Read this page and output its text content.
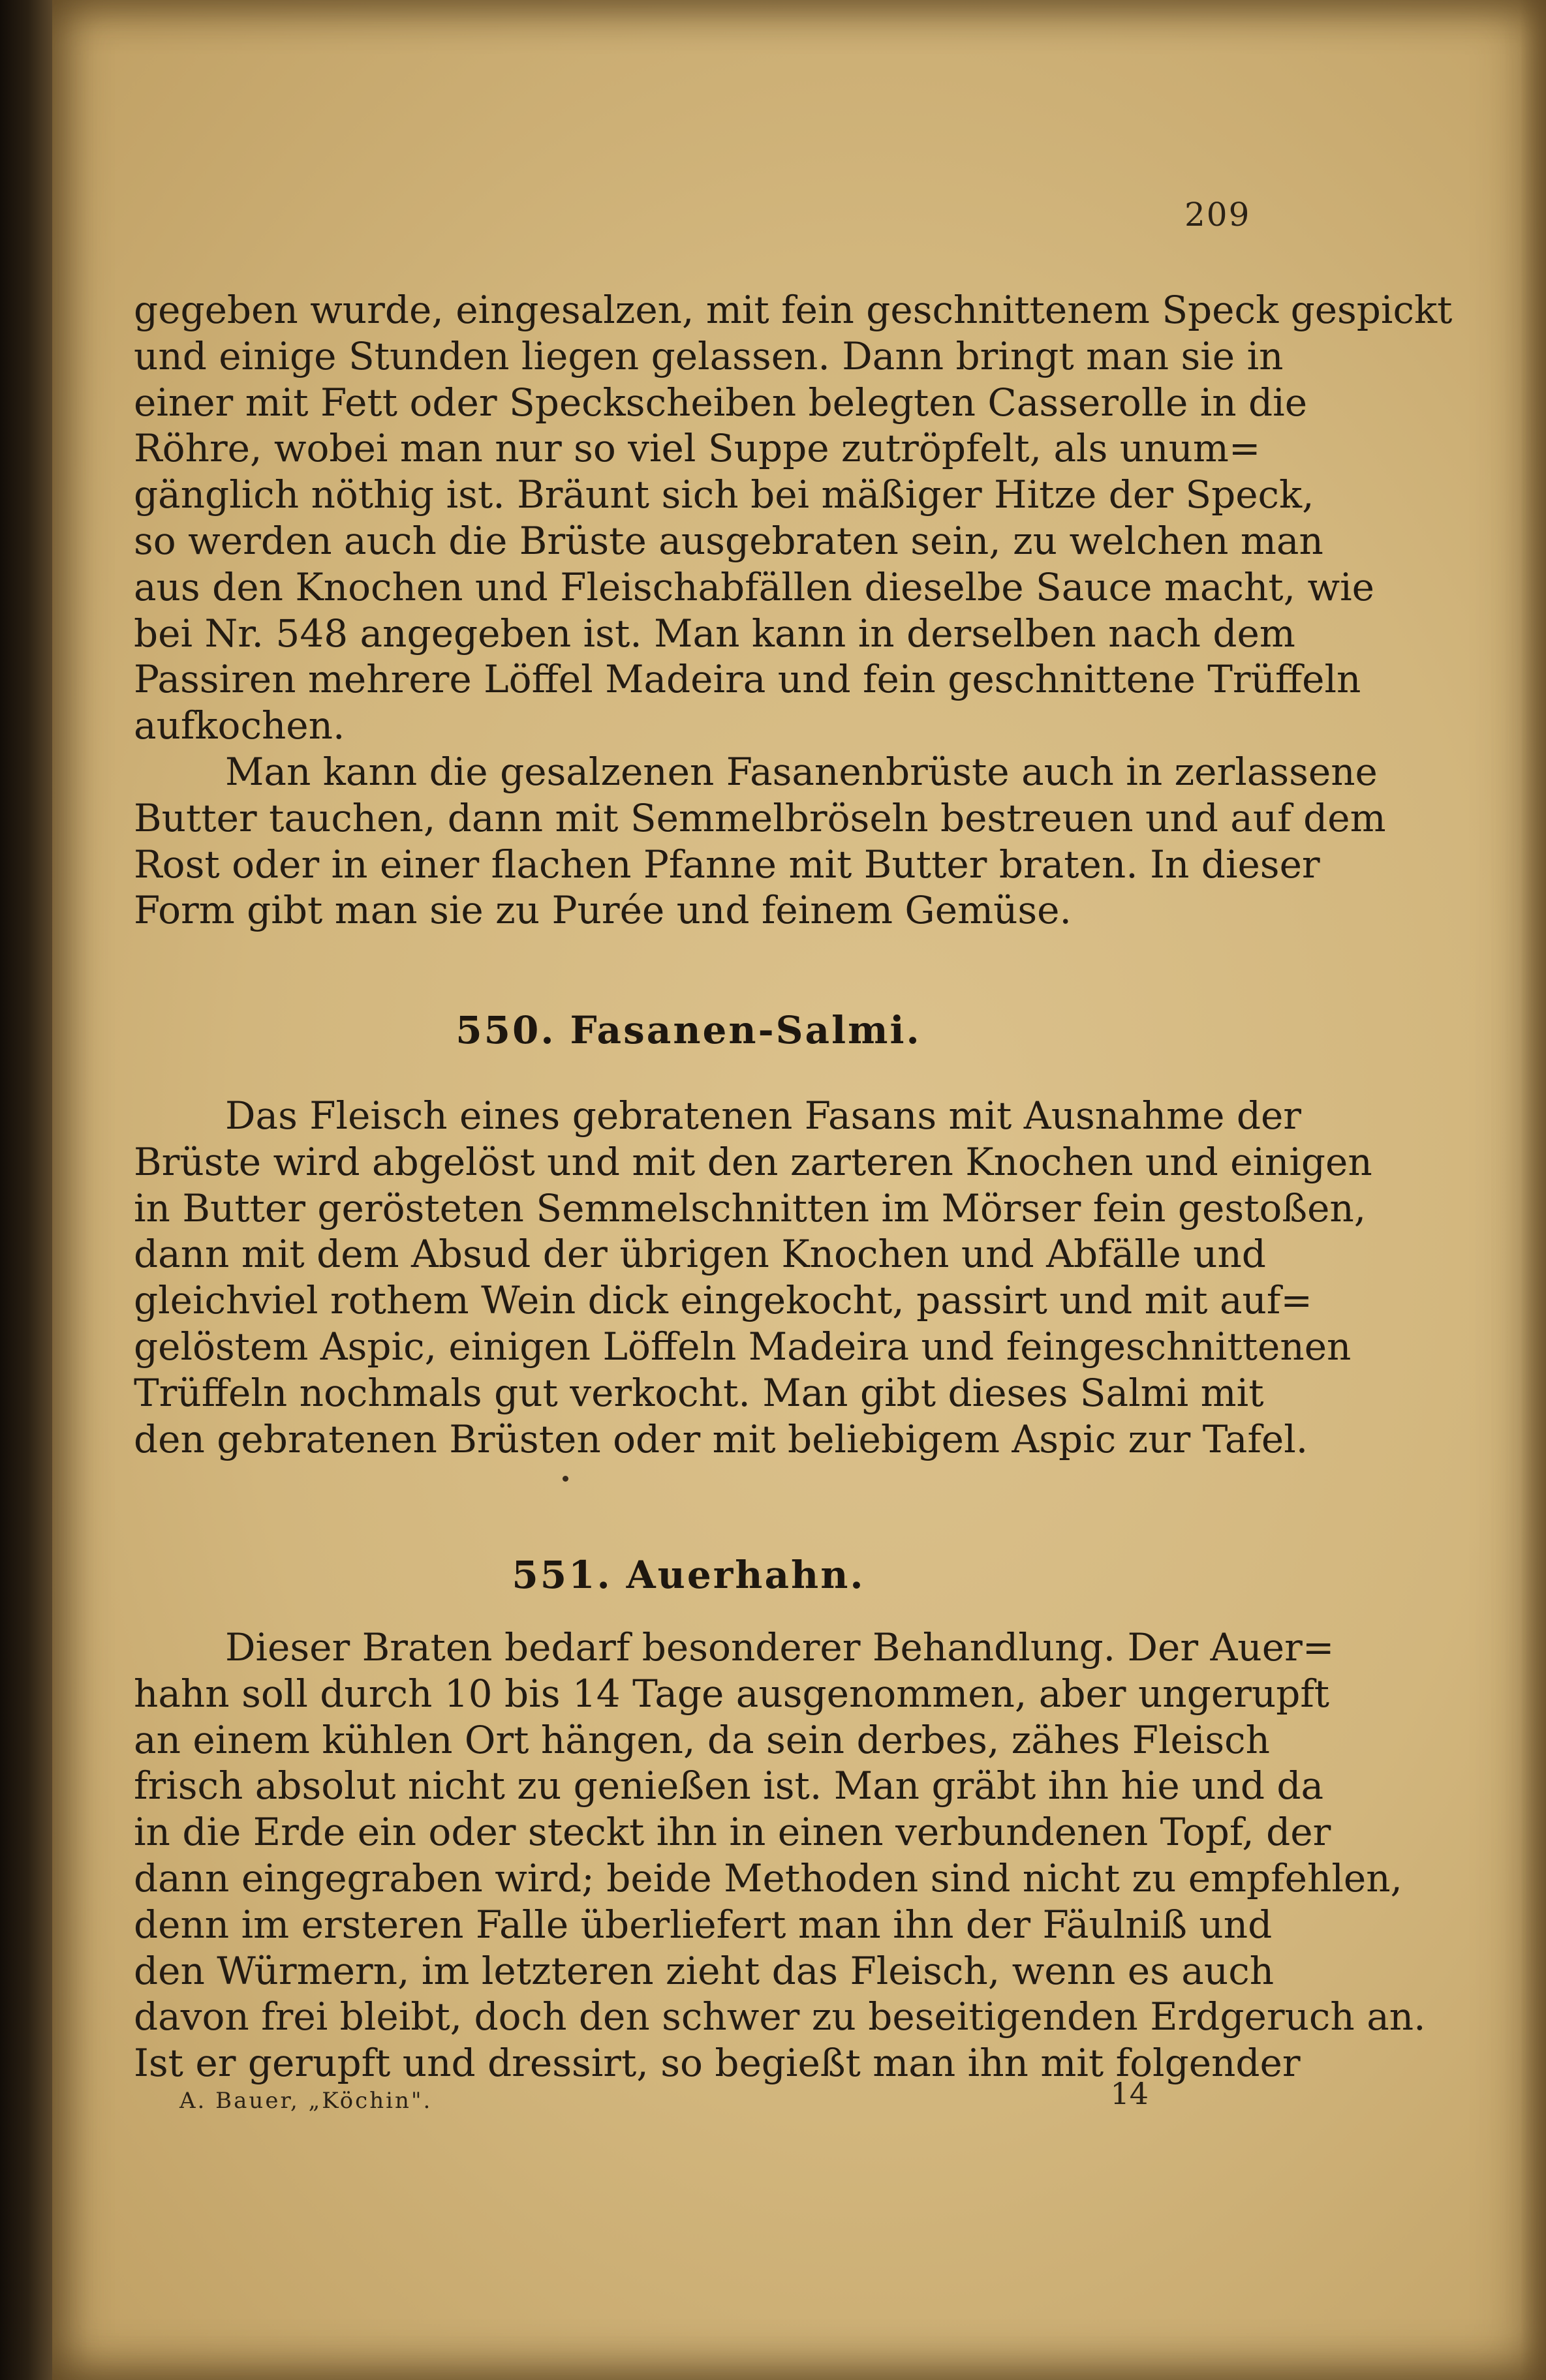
209
gegeben wurde, eingesalzen, mit fein geschnittenem Speck gespickt
und einige Stunden liegen gelassen. Dann bringt man sie in
einer mit Fett oder Speckscheiben belegten Casserolle in die
Röhre, wobei man nur so viel Suppe zutröpfelt, als unum=
gänglich nöthig ist. Bräunt sich bei mäßiger Hitze der Speck,
so werden auch die Brüste ausgebraten sein, zu welchen man
aus den Knochen und Fleischabfällen dieselbe Sauce macht, wie
bei Nr. 548 angegeben ist. Man kann in derselben nach dem
Passiren mehrere Löffel Madeira und fein geschnittene Trüffeln
aufkochen.
Man kann die gesalzenen Fasanenbrüste auch in zerlassene
Butter tauchen, dann mit Semmelbröseln bestreuen und auf dem
Rost oder in einer flachen Pfanne mit Butter braten. In dieser
Form gibt man sie zu Purée und feinem Gemüse.
550. Fasanen-Salmi.
Das Fleisch eines gebratenen Fasans mit Ausnahme der
Brüste wird abgelöst und mit den zarteren Knochen und einigen
in Butter gerösteten Semmelschnitten im Mörser fein gestoßen,
dann mit dem Absud der übrigen Knochen und Abfälle und
gleichviel rothem Wein dick eingekocht, passirt und mit auf=
gelöstem Aspic, einigen Löffeln Madeira und feingeschnittenen
Trüffeln nochmals gut verkocht. Man gibt dieses Salmi mit
den gebratenen Brüsten oder mit beliebigem Aspic zur Tafel.
551. Auerhahn.
Dieser Braten bedarf besonderer Behandlung. Der Auer=
hahn soll durch 10 bis 14 Tage ausgenommen, aber ungerupft
an einem kühlen Ort hängen, da sein derbes, zähes Fleisch
frisch absolut nicht zu genießen ist. Man gräbt ihn hie und da
in die Erde ein oder steckt ihn in einen verbundenen Topf, der
dann eingegraben wird; beide Methoden sind nicht zu empfehlen,
denn im ersteren Falle überliefert man ihn der Fäulniß und
den Würmern, im letzteren zieht das Fleisch, wenn es auch
davon frei bleibt, doch den schwer zu beseitigenden Erdgeruch an.
Ist er gerupft und dressirt, so begießt man ihn mit folgender
A. Bauer, „Köchin".	14
